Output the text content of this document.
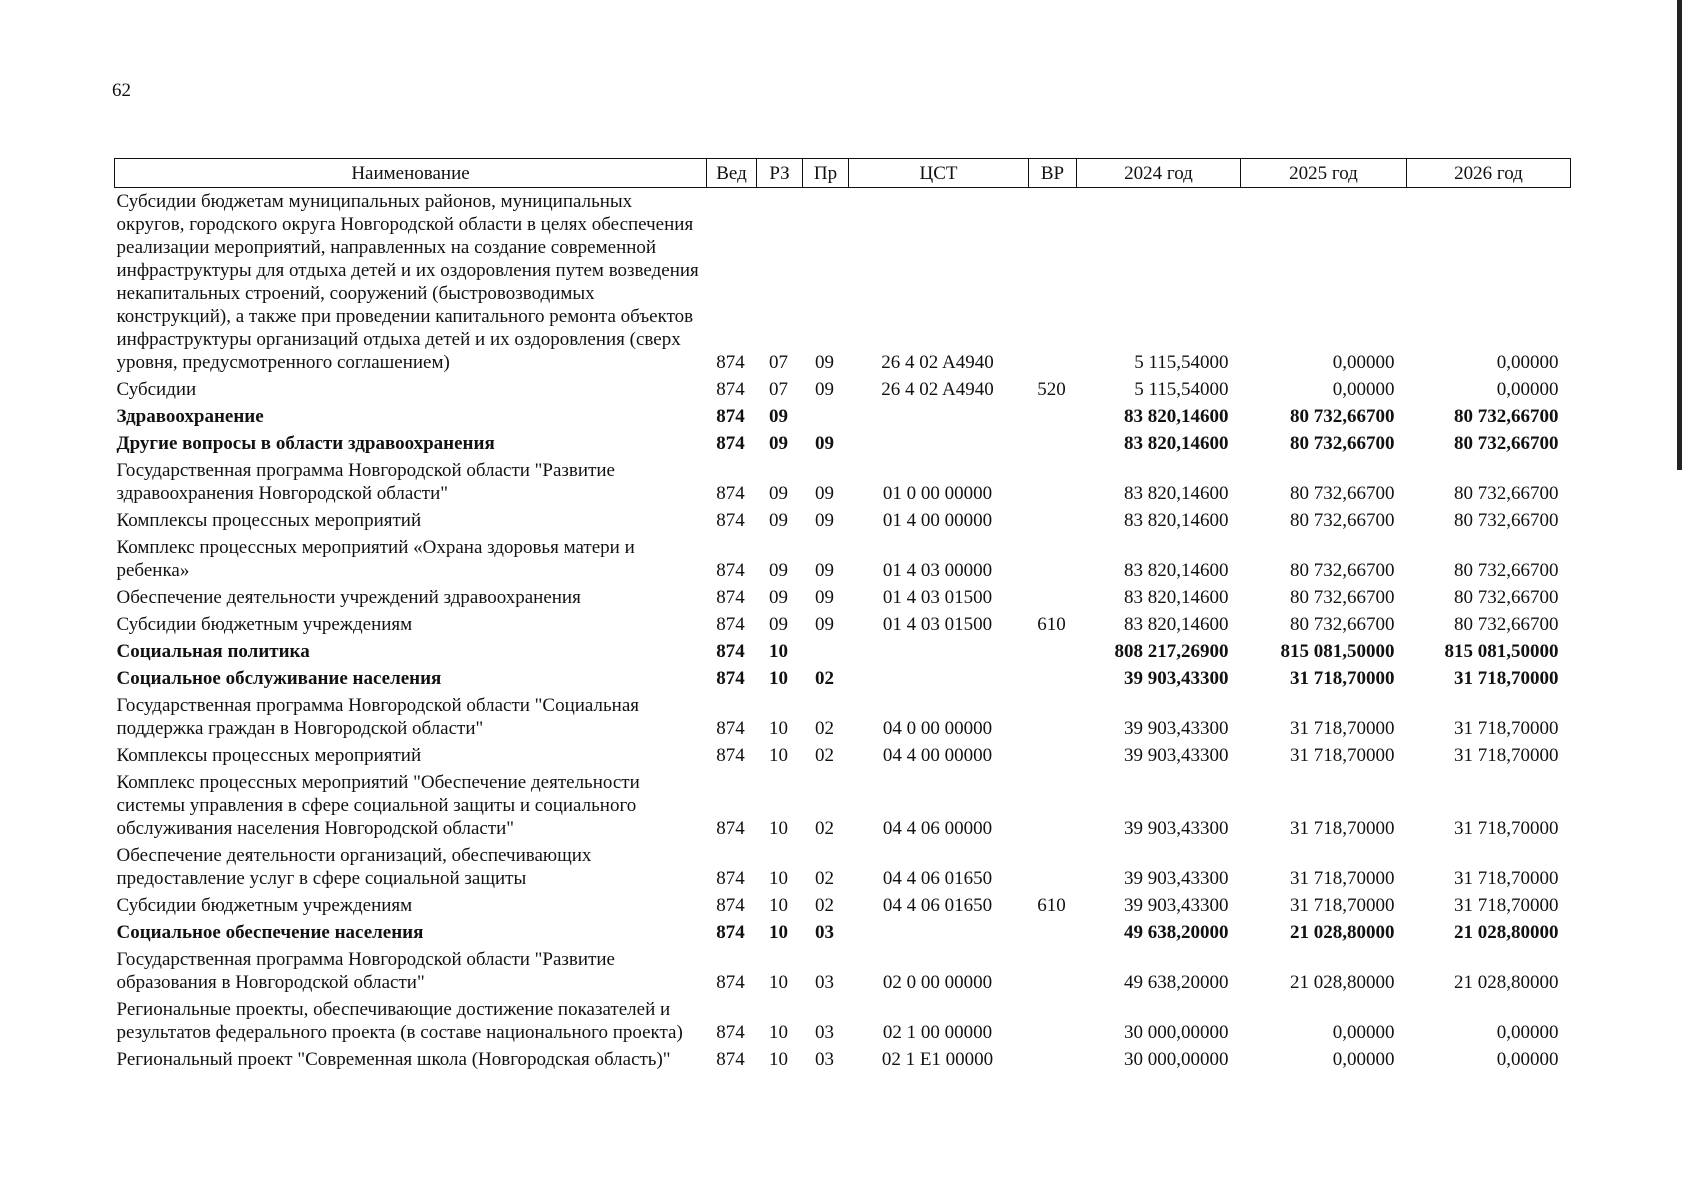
62
Наименование	Вед	РЗ	Пр	ЦСТ	ВР	2024 год	2025 год	2026 год
Субсидии бюджетам муниципальных районов, муниципальных округов, городского округа Новгородской области в целях обеспечения реализации мероприятий, направленных на создание современной инфраструктуры для отдыха детей и их оздоровления путем возведения некапитальных строений, сооружений (быстровозводимых конструкций), а также при проведении капитального ремонта объектов инфраструктуры организаций отдыха детей и их оздоровления (сверх уровня, предусмотренного соглашением)	874	07	09	26 4 02 A4940		5 115,54000	0,00000	0,00000
Субсидии	874	07	09	26 4 02 A4940	520	5 115,54000	0,00000	0,00000
Здравоохранение	874	09				83 820,14600	80 732,66700	80 732,66700
Другие вопросы в области здравоохранения	874	09	09			83 820,14600	80 732,66700	80 732,66700
Государственная программа Новгородской области "Развитие здравоохранения Новгородской области"	874	09	09	01 0 00 00000		83 820,14600	80 732,66700	80 732,66700
Комплексы процессных мероприятий	874	09	09	01 4 00 00000		83 820,14600	80 732,66700	80 732,66700
Комплекс процессных мероприятий «Охрана здоровья матери и ребенка»	874	09	09	01 4 03 00000		83 820,14600	80 732,66700	80 732,66700
Обеспечение деятельности учреждений здравоохранения	874	09	09	01 4 03 01500		83 820,14600	80 732,66700	80 732,66700
Субсидии бюджетным учреждениям	874	09	09	01 4 03 01500	610	83 820,14600	80 732,66700	80 732,66700
Социальная политика	874	10				808 217,26900	815 081,50000	815 081,50000
Социальное обслуживание населения	874	10	02			39 903,43300	31 718,70000	31 718,70000
Государственная программа Новгородской области "Социальная поддержка граждан в Новгородской области"	874	10	02	04 0 00 00000		39 903,43300	31 718,70000	31 718,70000
Комплексы процессных мероприятий	874	10	02	04 4 00 00000		39 903,43300	31 718,70000	31 718,70000
Комплекс процессных мероприятий "Обеспечение деятельности системы управления в сфере социальной защиты и социального обслуживания населения Новгородской области"	874	10	02	04 4 06 00000		39 903,43300	31 718,70000	31 718,70000
Обеспечение деятельности организаций, обеспечивающих предоставление услуг в сфере социальной защиты	874	10	02	04 4 06 01650		39 903,43300	31 718,70000	31 718,70000
Субсидии бюджетным учреждениям	874	10	02	04 4 06 01650	610	39 903,43300	31 718,70000	31 718,70000
Социальное обеспечение населения	874	10	03			49 638,20000	21 028,80000	21 028,80000
Государственная программа Новгородской области "Развитие образования в Новгородской области"	874	10	03	02 0 00 00000		49 638,20000	21 028,80000	21 028,80000
Региональные проекты, обеспечивающие достижение показателей и результатов федерального проекта (в составе национального проекта)	874	10	03	02 1 00 00000		30 000,00000	0,00000	0,00000
Региональный проект "Современная школа (Новгородская область)"	874	10	03	02 1 E1 00000		30 000,00000	0,00000	0,00000
